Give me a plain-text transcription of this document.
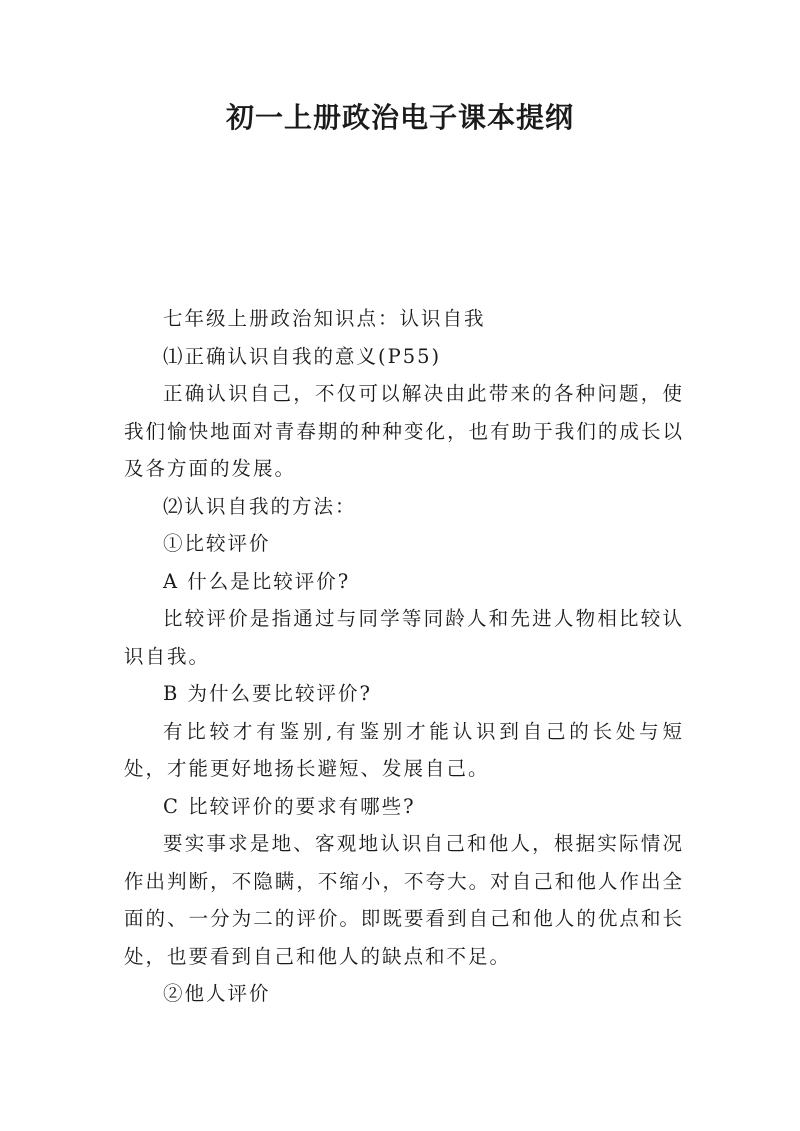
初一上册政治电子课本提纲

七年级上册政治知识点：认识自我

⑴正确认识自我的意义(P55)

正确认识自己，不仅可以解决由此带来的各种问题，使我们愉快地面对青春期的种种变化，也有助于我们的成长以及各方面的发展。

⑵认识自我的方法：

①比较评价

A 什么是比较评价?

比较评价是指通过与同学等同龄人和先进人物相比较认识自我。

B 为什么要比较评价?

有比较才有鉴别,有鉴别才能认识到自己的长处与短处，才能更好地扬长避短、发展自己。

C 比较评价的要求有哪些?

要实事求是地、客观地认识自己和他人，根据实际情况作出判断，不隐瞒，不缩小，不夸大。对自己和他人作出全面的、一分为二的评价。即既要看到自己和他人的优点和长处，也要看到自己和他人的缺点和不足。

②他人评价
